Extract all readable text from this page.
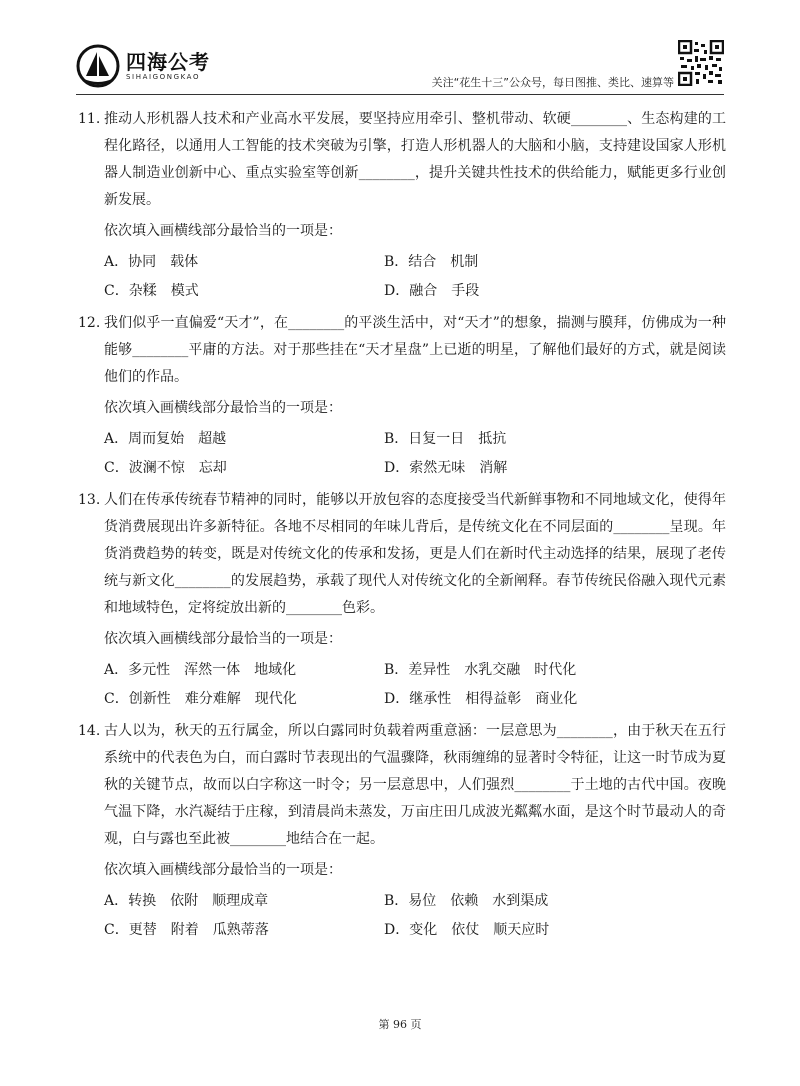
四海公考
SIHAIGONGKAO	关注“花生十三”公众号，每日图推、类比、速算等
11. 推动人形机器人技术和产业高水平发展，要坚持应用牵引、整机带动、软硬________、生态构建的工程化路径，以通用人工智能的技术突破为引擎，打造人形机器人的大脑和小脑，支持建设国家人形机器人制造业创新中心、重点实验室等创新________，提升关键共性技术的供给能力，赋能更多行业创新发展。
依次填入画横线部分最恰当的一项是：
A．协同　载体	B．结合　机制
C．杂糅　模式	D．融合　手段
12. 我们似乎一直偏爱“天才”，在________的平淡生活中，对“天才”的想象，揣测与膜拜，仿佛成为一种能够________平庸的方法。对于那些挂在“天才星盘”上已逝的明星，了解他们最好的方式，就是阅读他们的作品。
依次填入画横线部分最恰当的一项是：
A．周而复始　超越	B．日复一日　抵抗
C．波澜不惊　忘却	D．索然无味　消解
13. 人们在传承传统春节精神的同时，能够以开放包容的态度接受当代新鲜事物和不同地域文化，使得年货消费展现出许多新特征。各地不尽相同的年味儿背后，是传统文化在不同层面的________呈现。年货消费趋势的转变，既是对传统文化的传承和发扬，更是人们在新时代主动选择的结果，展现了老传统与新文化________的发展趋势，承载了现代人对传统文化的全新阐释。春节传统民俗融入现代元素和地域特色，定将绽放出新的________色彩。
依次填入画横线部分最恰当的一项是：
A．多元性　浑然一体　地域化	B．差异性　水乳交融　时代化
C．创新性　难分难解　现代化	D．继承性　相得益彰　商业化
14. 古人以为，秋天的五行属金，所以白露同时负载着两重意涵：一层意思为________，由于秋天在五行系统中的代表色为白，而白露时节表现出的气温骤降，秋雨缠绵的显著时令特征，让这一时节成为夏秋的关键节点，故而以白字称这一时令；另一层意思中，人们强烈________于土地的古代中国。夜晚气温下降，水汽凝结于庄稼，到清晨尚未蒸发，万亩庄田几成波光粼粼水面，是这个时节最动人的奇观，白与露也至此被________地结合在一起。
依次填入画横线部分最恰当的一项是：
A．转换　依附　顺理成章	B．易位　依赖　水到渠成
C．更替　附着　瓜熟蒂落	D．变化　依仗　顺天应时
第 96 页
